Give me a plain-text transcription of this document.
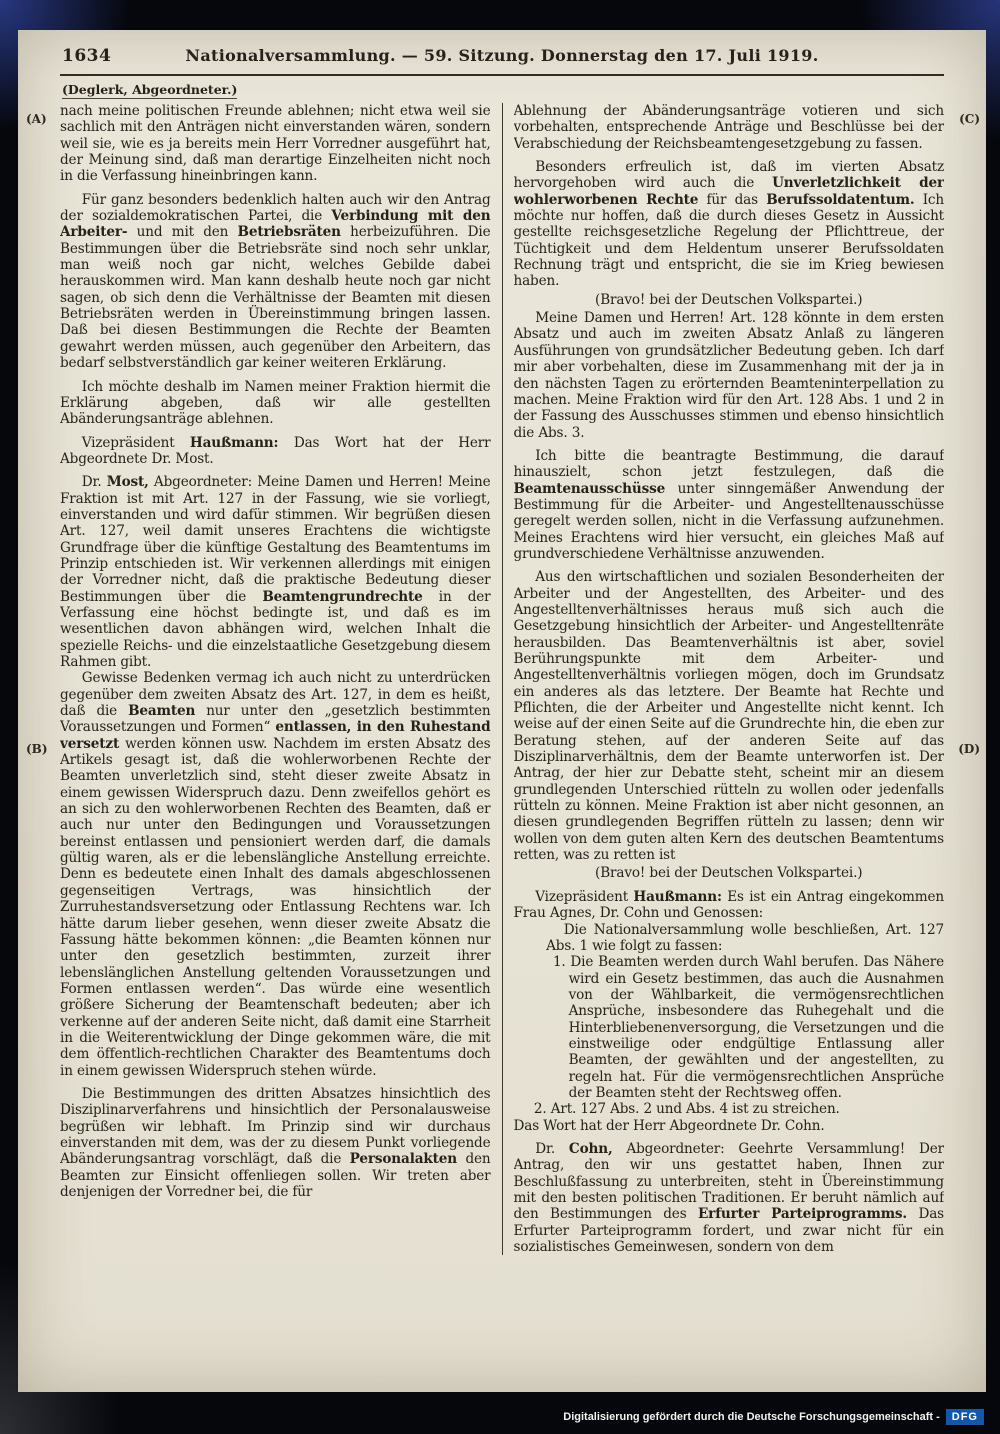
1634	Nationalversammlung. — 59. Sitzung. Donnerstag den 17. Juli 1919.
(Deglerk, Abgeordneter.)

nach meine politischen Freunde ablehnen; nicht etwa weil sie sachlich mit den Anträgen nicht einverstanden wären, sondern weil sie, wie es ja bereits mein Herr Vorredner ausgeführt hat, der Meinung sind, daß man derartige Einzelheiten nicht noch in die Verfassung hineinbringen kann.

Für ganz besonders bedenklich halten auch wir den Antrag der sozialdemokratischen Partei, die Verbindung mit den Arbeiter- und mit den Betriebsräten herbeizuführen. Die Bestimmungen über die Betriebsräte sind noch sehr unklar, man weiß noch gar nicht, welches Gebilde dabei herauskommen wird. Man kann deshalb heute noch gar nicht sagen, ob sich denn die Verhältnisse der Beamten mit diesen Betriebsräten werden in Übereinstimmung bringen lassen. Daß bei diesen Bestimmungen die Rechte der Beamten gewahrt werden müssen, auch gegenüber den Arbeitern, das bedarf selbstverständlich gar keiner weiteren Erklärung.

Ich möchte deshalb im Namen meiner Fraktion hiermit die Erklärung abgeben, daß wir alle gestellten Abänderungsanträge ablehnen.

Vizepräsident Haußmann: Das Wort hat der Herr Abgeordnete Dr. Most.

Dr. Most, Abgeordneter: Meine Damen und Herren! Meine Fraktion ist mit Art. 127 in der Fassung, wie sie vorliegt, einverstanden und wird dafür stimmen. Wir begrüßen diesen Art. 127, weil damit unseres Erachtens die wichtigste Grundfrage über die künftige Gestaltung des Beamtentums im Prinzip entschieden ist. Wir verkennen allerdings mit einigen der Vorredner nicht, daß die praktische Bedeutung dieser Bestimmungen über die Beamtengrundrechte in der Verfassung eine höchst bedingte ist, und daß es im wesentlichen davon abhängen wird, welchen Inhalt die spezielle Reichs- und die einzelstaatliche Gesetzgebung diesem Rahmen gibt.

Gewisse Bedenken vermag ich auch nicht zu unterdrücken gegenüber dem zweiten Absatz des Art. 127, in dem es heißt, daß die Beamten nur unter den „gesetzlich bestimmten Voraussetzungen und Formen“ entlassen, in den Ruhestand versetzt werden können usw. Nachdem im ersten Absatz des Artikels gesagt ist, daß die wohlerworbenen Rechte der Beamten unverletzlich sind, steht dieser zweite Absatz in einem gewissen Widerspruch dazu. Denn zweifellos gehört es an sich zu den wohlerworbenen Rechten des Beamten, daß er auch nur unter den Bedingungen und Voraussetzungen bereinst entlassen und pensioniert werden darf, die damals gültig waren, als er die lebenslängliche Anstellung erreichte. Denn es bedeutete einen Inhalt des damals abgeschlossenen gegenseitigen Vertrags, was hinsichtlich der Zurruhestandsversetzung oder Entlassung Rechtens war. Ich hätte darum lieber gesehen, wenn dieser zweite Absatz die Fassung hätte bekommen können: „die Beamten können nur unter den gesetzlich bestimmten, zurzeit ihrer lebenslänglichen Anstellung geltenden Voraussetzungen und Formen entlassen werden“. Das würde eine wesentlich größere Sicherung der Beamtenschaft bedeuten; aber ich verkenne auf der anderen Seite nicht, daß damit eine Starrheit in die Weiterentwicklung der Dinge gekommen wäre, die mit dem öffentlich-rechtlichen Charakter des Beamtentums doch in einem gewissen Widerspruch stehen würde.

Die Bestimmungen des dritten Absatzes hinsichtlich des Disziplinarverfahrens und hinsichtlich der Personalausweise begrüßen wir lebhaft. Im Prinzip sind wir durchaus einverstanden mit dem, was der zu diesem Punkt vorliegende Abänderungsantrag vorschlägt, daß die Personalakten den Beamten zur Einsicht offenliegen sollen. Wir treten aber denjenigen der Vorredner bei, die für

Ablehnung der Abänderungsanträge votieren und sich vorbehalten, entsprechende Anträge und Beschlüsse bei der Verabschiedung der Reichsbeamtengesetzgebung zu fassen.

Besonders erfreulich ist, daß im vierten Absatz hervorgehoben wird auch die Unverletzlichkeit der wohlerworbenen Rechte für das Berufssoldatentum. Ich möchte nur hoffen, daß die durch dieses Gesetz in Aussicht gestellte reichsgesetzliche Regelung der Pflichttreue, der Tüchtigkeit und dem Heldentum unserer Berufssoldaten Rechnung trägt und entspricht, die sie im Krieg bewiesen haben.

(Bravo! bei der Deutschen Volkspartei.)

Meine Damen und Herren! Art. 128 könnte in dem ersten Absatz und auch im zweiten Absatz Anlaß zu längeren Ausführungen von grundsätzlicher Bedeutung geben. Ich darf mir aber vorbehalten, diese im Zusammenhang mit der ja in den nächsten Tagen zu erörternden Beamteninterpellation zu machen. Meine Fraktion wird für den Art. 128 Abs. 1 und 2 in der Fassung des Ausschusses stimmen und ebenso hinsichtlich die Abs. 3.

Ich bitte die beantragte Bestimmung, die darauf hinauszielt, schon jetzt festzulegen, daß die Beamtenausschüsse unter sinngemäßer Anwendung der Bestimmung für die Arbeiter- und Angestelltenausschüsse geregelt werden sollen, nicht in die Verfassung aufzunehmen. Meines Erachtens wird hier versucht, ein gleiches Maß auf grundverschiedene Verhältnisse anzuwenden.

Aus den wirtschaftlichen und sozialen Besonderheiten der Arbeiter und der Angestellten, des Arbeiter- und des Angestelltenverhältnisses heraus muß sich auch die Gesetzgebung hinsichtlich der Arbeiter- und Angestelltenräte herausbilden. Das Beamtenverhältnis ist aber, soviel Berührungspunkte mit dem Arbeiter- und Angestelltenverhältnis vorliegen mögen, doch im Grundsatz ein anderes als das letztere. Der Beamte hat Rechte und Pflichten, die der Arbeiter und Angestellte nicht kennt. Ich weise auf der einen Seite auf die Grundrechte hin, die eben zur Beratung stehen, auf der anderen Seite auf das Disziplinarverhältnis, dem der Beamte unterworfen ist. Der Antrag, der hier zur Debatte steht, scheint mir an diesem grundlegenden Unterschied rütteln zu wollen oder jedenfalls rütteln zu können. Meine Fraktion ist aber nicht gesonnen, an diesen grundlegenden Begriffen rütteln zu lassen; denn wir wollen von dem guten alten Kern des deutschen Beamtentums retten, was zu retten ist

(Bravo! bei der Deutschen Volkspartei.)

Vizepräsident Haußmann: Es ist ein Antrag eingekommen Frau Agnes, Dr. Cohn und Genossen:

Die Nationalversammlung wolle beschließen, Art. 127 Abs. 1 wie folgt zu fassen:

1. Die Beamten werden durch Wahl berufen. Das Nähere wird ein Gesetz bestimmen, das auch die Ausnahmen von der Wählbarkeit, die vermögensrechtlichen Ansprüche, insbesondere das Ruhegehalt und die Hinterbliebenenversorgung, die Versetzungen und die einstweilige oder endgültige Entlassung aller Beamten, der gewählten und der angestellten, zu regeln hat. Für die vermögensrechtlichen Ansprüche der Beamten steht der Rechtsweg offen.

2. Art. 127 Abs. 2 und Abs. 4 ist zu streichen.

Das Wort hat der Herr Abgeordnete Dr. Cohn.

Dr. Cohn, Abgeordneter: Geehrte Versammlung! Der Antrag, den wir uns gestattet haben, Ihnen zur Beschlußfassung zu unterbreiten, steht in Übereinstimmung mit den besten politischen Traditionen. Er beruht nämlich auf den Bestimmungen des Erfurter Parteiprogramms. Das Erfurter Parteiprogramm fordert, und zwar nicht für ein sozialistisches Gemeinwesen, sondern von dem

(A)
(B)
(C)
(D)
Digitalisierung gefördert durch die Deutsche Forschungsgemeinschaft -	DFG
